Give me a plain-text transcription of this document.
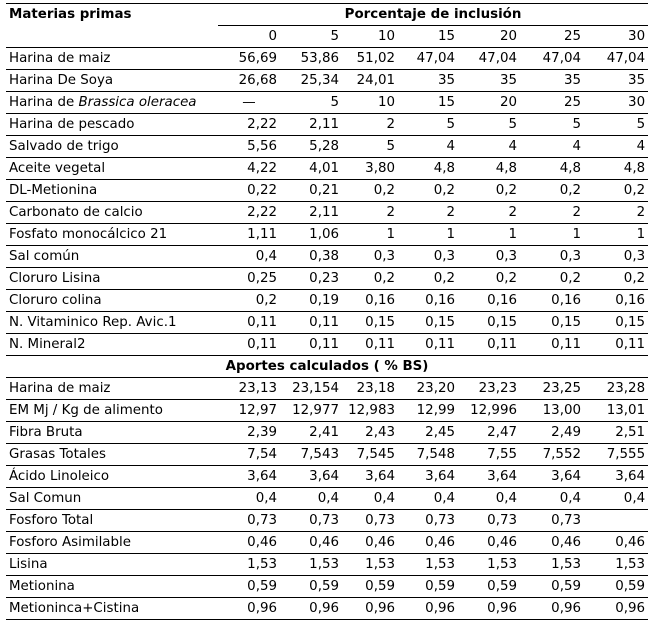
Materias primas	Porcentaje de inclusión						
	0	5	10	15	20	25	30
Harina de maiz	56,69	53,86	51,02	47,04	47,04	47,04	47,04
Harina De Soya	26,68	25,34	24,01	35	35	35	35
Harina de Brassica oleracea	—	5	10	15	20	25	30
Harina de pescado	2,22	2,11	2	5	5	5	5
Salvado de trigo	5,56	5,28	5	4	4	4	4
Aceite vegetal	4,22	4,01	3,80	4,8	4,8	4,8	4,8
DL-Metionina	0,22	0,21	0,2	0,2	0,2	0,2	0,2
Carbonato de calcio	2,22	2,11	2	2	2	2	2
Fosfato monocálcico 21	1,11	1,06	1	1	1	1	1
Sal común	0,4	0,38	0,3	0,3	0,3	0,3	0,3
Cloruro Lisina	0,25	0,23	0,2	0,2	0,2	0,2	0,2
Cloruro colina	0,2	0,19	0,16	0,16	0,16	0,16	0,16
N. Vitaminico Rep. Avic.1	0,11	0,11	0,15	0,15	0,15	0,15	0,15
N. Mineral2	0,11	0,11	0,11	0,11	0,11	0,11	0,11
Aportes calculados ( % BS)							
Harina de maiz	23,13	23,154	23,18	23,20	23,23	23,25	23,28
EM Mj / Kg de alimento	12,97	12,977	12,983	12,99	12,996	13,00	13,01
Fibra Bruta	2,39	2,41	2,43	2,45	2,47	2,49	2,51
Grasas Totales	7,54	7,543	7,545	7,548	7,55	7,552	7,555
Ácido Linoleico	3,64	3,64	3,64	3,64	3,64	3,64	3,64
Sal Comun	0,4	0,4	0,4	0,4	0,4	0,4	0,4
Fosforo Total	0,73	0,73	0,73	0,73	0,73	0,73	
Fosforo Asimilable	0,46	0,46	0,46	0,46	0,46	0,46	0,46
Lisina	1,53	1,53	1,53	1,53	1,53	1,53	1,53
Metionina	0,59	0,59	0,59	0,59	0,59	0,59	0,59
Metioninca+Cistina	0,96	0,96	0,96	0,96	0,96	0,96	0,96
